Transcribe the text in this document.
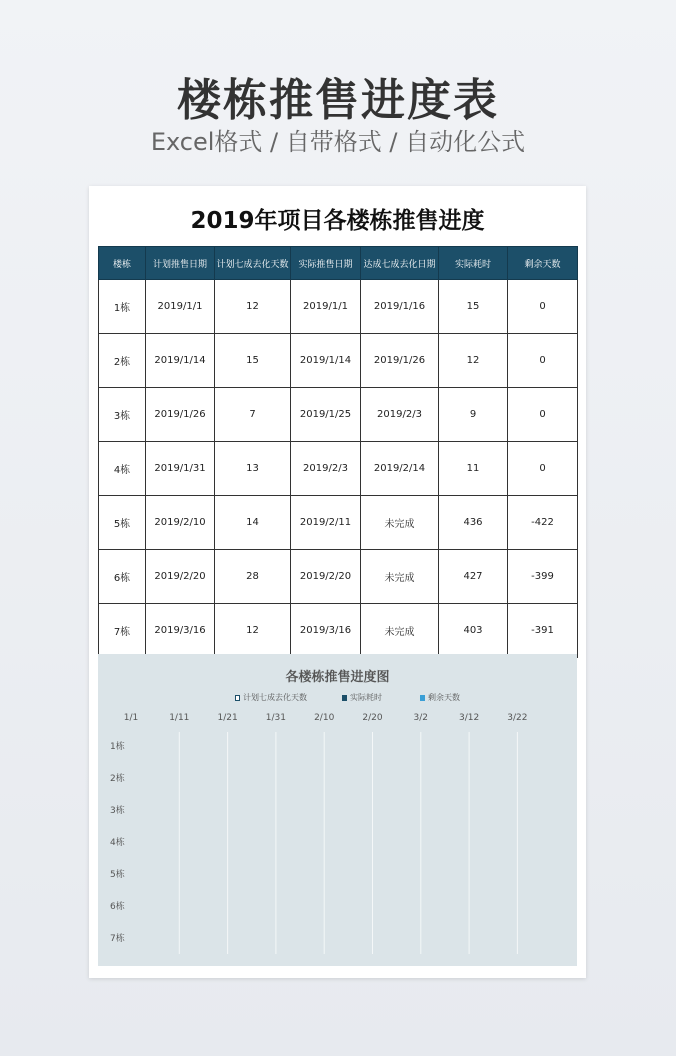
楼栋推售进度表
Excel格式 / 自带格式 / 自动化公式
2019年项目各楼栋推售进度
楼栋	计划推售日期	计划七成去化天数	实际推售日期	达成七成去化日期	实际耗时	剩余天数
1栋	2019/1/1	12	2019/1/1	2019/1/16	15	0
2栋	2019/1/14	15	2019/1/14	2019/1/26	12	0
3栋	2019/1/26	7	2019/1/25	2019/2/3	9	0
4栋	2019/1/31	13	2019/2/3	2019/2/14	11	0
5栋	2019/2/10	14	2019/2/11	未完成	436	-422
6栋	2019/2/20	28	2019/2/20	未完成	427	-399
7栋	2019/3/16	12	2019/3/16	未完成	403	-391
各楼栋推售进度图
计划七成去化天数	实际耗时	剩余天数
1/1	1/11	1/21	1/31	2/10	2/20	3/2	3/12	3/22
1栋
2栋
3栋
4栋
5栋
6栋
7栋
